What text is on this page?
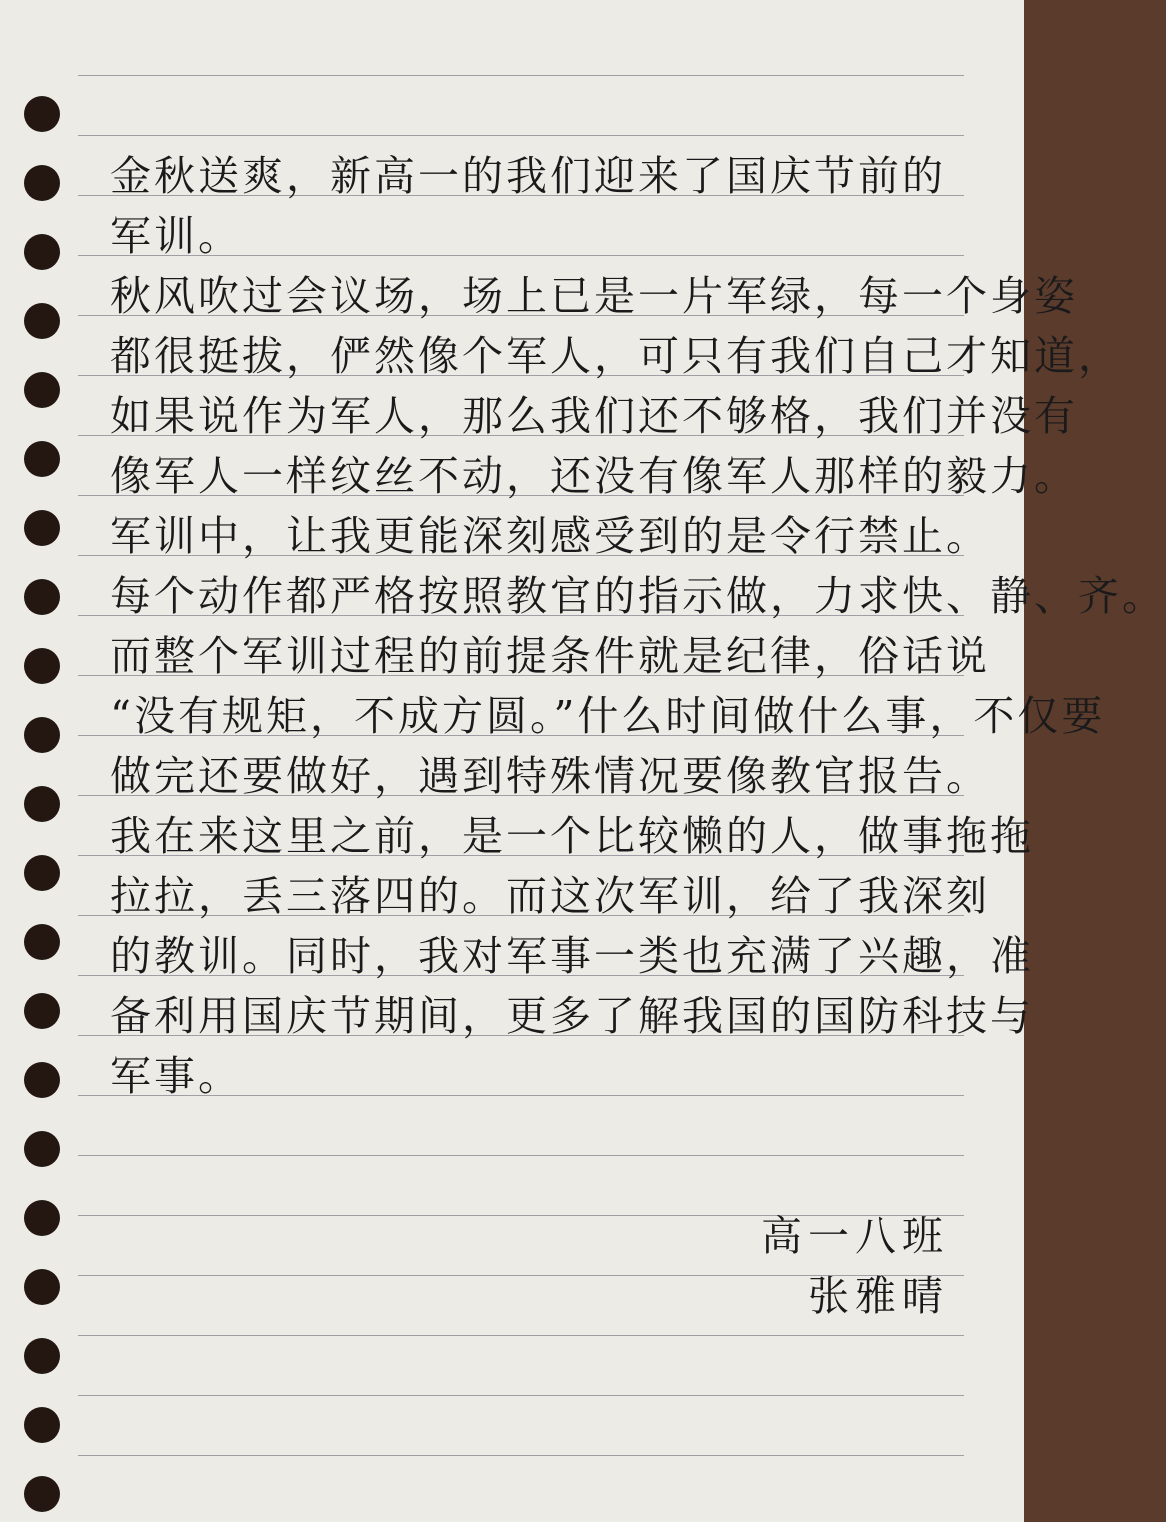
金秋送爽，新高一的我们迎来了国庆节前的
军训。
秋风吹过会议场，场上已是一片军绿，每一个身姿
都很挺拔，俨然像个军人，可只有我们自己才知道，
如果说作为军人，那么我们还不够格，我们并没有
像军人一样纹丝不动，还没有像军人那样的毅力。
军训中，让我更能深刻感受到的是令行禁止。
每个动作都严格按照教官的指示做，力求快、静、齐。
而整个军训过程的前提条件就是纪律，俗话说
“没有规矩，不成方圆。”什么时间做什么事，不仅要
做完还要做好，遇到特殊情况要像教官报告。
我在来这里之前，是一个比较懒的人，做事拖拖
拉拉，丢三落四的。而这次军训，给了我深刻
的教训。同时，我对军事一类也充满了兴趣，准
备利用国庆节期间，更多了解我国的国防科技与
军事。
高一八班
张雅晴
